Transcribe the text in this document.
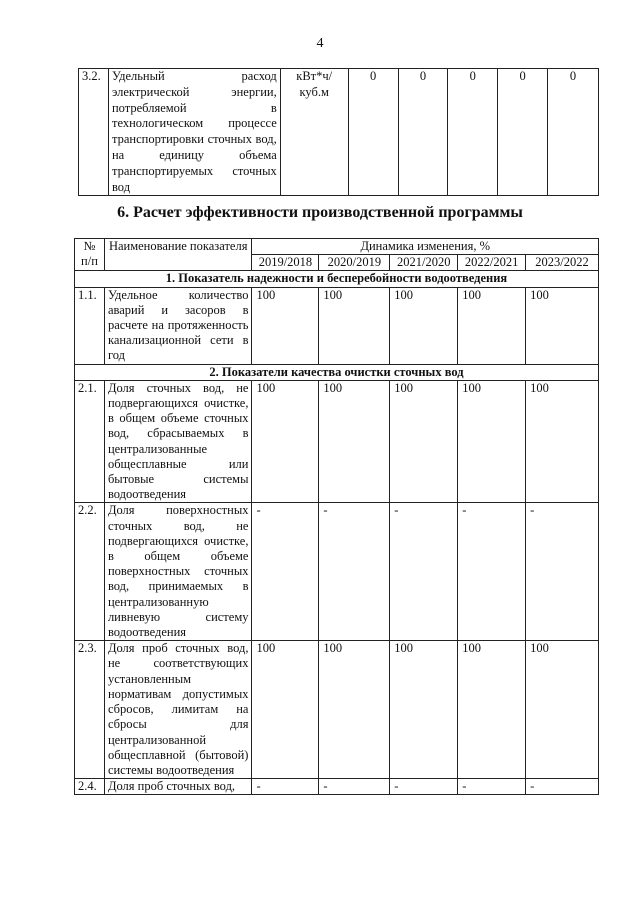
4
3.2.	Удельный расход электрической энергии, потребляемой в технологическом процессе транспортировки сточных вод, на единицу объема транспортируемых сточных вод	кВт*ч/ куб.м	0	0	0	0	0
6. Расчет эффективности производственной программы
№ п/п	Наименование показателя	Динамика изменения, %				
		2019/2018	2020/2019	2021/2020	2022/2021	2023/2022
1. Показатель надежности и бесперебойности водоотведения						
1.1.	Удельное количество аварий и засоров в расчете на протяженность канализационной сети в год	100	100	100	100	100
2. Показатели качества очистки сточных вод						
2.1.	Доля сточных вод, не подвергающихся очистке, в общем объеме сточных вод, сбрасываемых в централизованные общесплавные или бытовые системы водоотведения	100	100	100	100	100
2.2.	Доля поверхностных сточных вод, не подвергающихся очистке, в общем объеме поверхностных сточных вод, принимаемых в централизованную ливневую систему водоотведения	-	-	-	-	-
2.3.	Доля проб сточных вод, не соответствующих установленным нормативам допустимых сбросов, лимитам на сбросы для централизованной общесплавной (бытовой) системы водоотведения	100	100	100	100	100
2.4.	Доля проб сточных вод,	-	-	-	-	-
